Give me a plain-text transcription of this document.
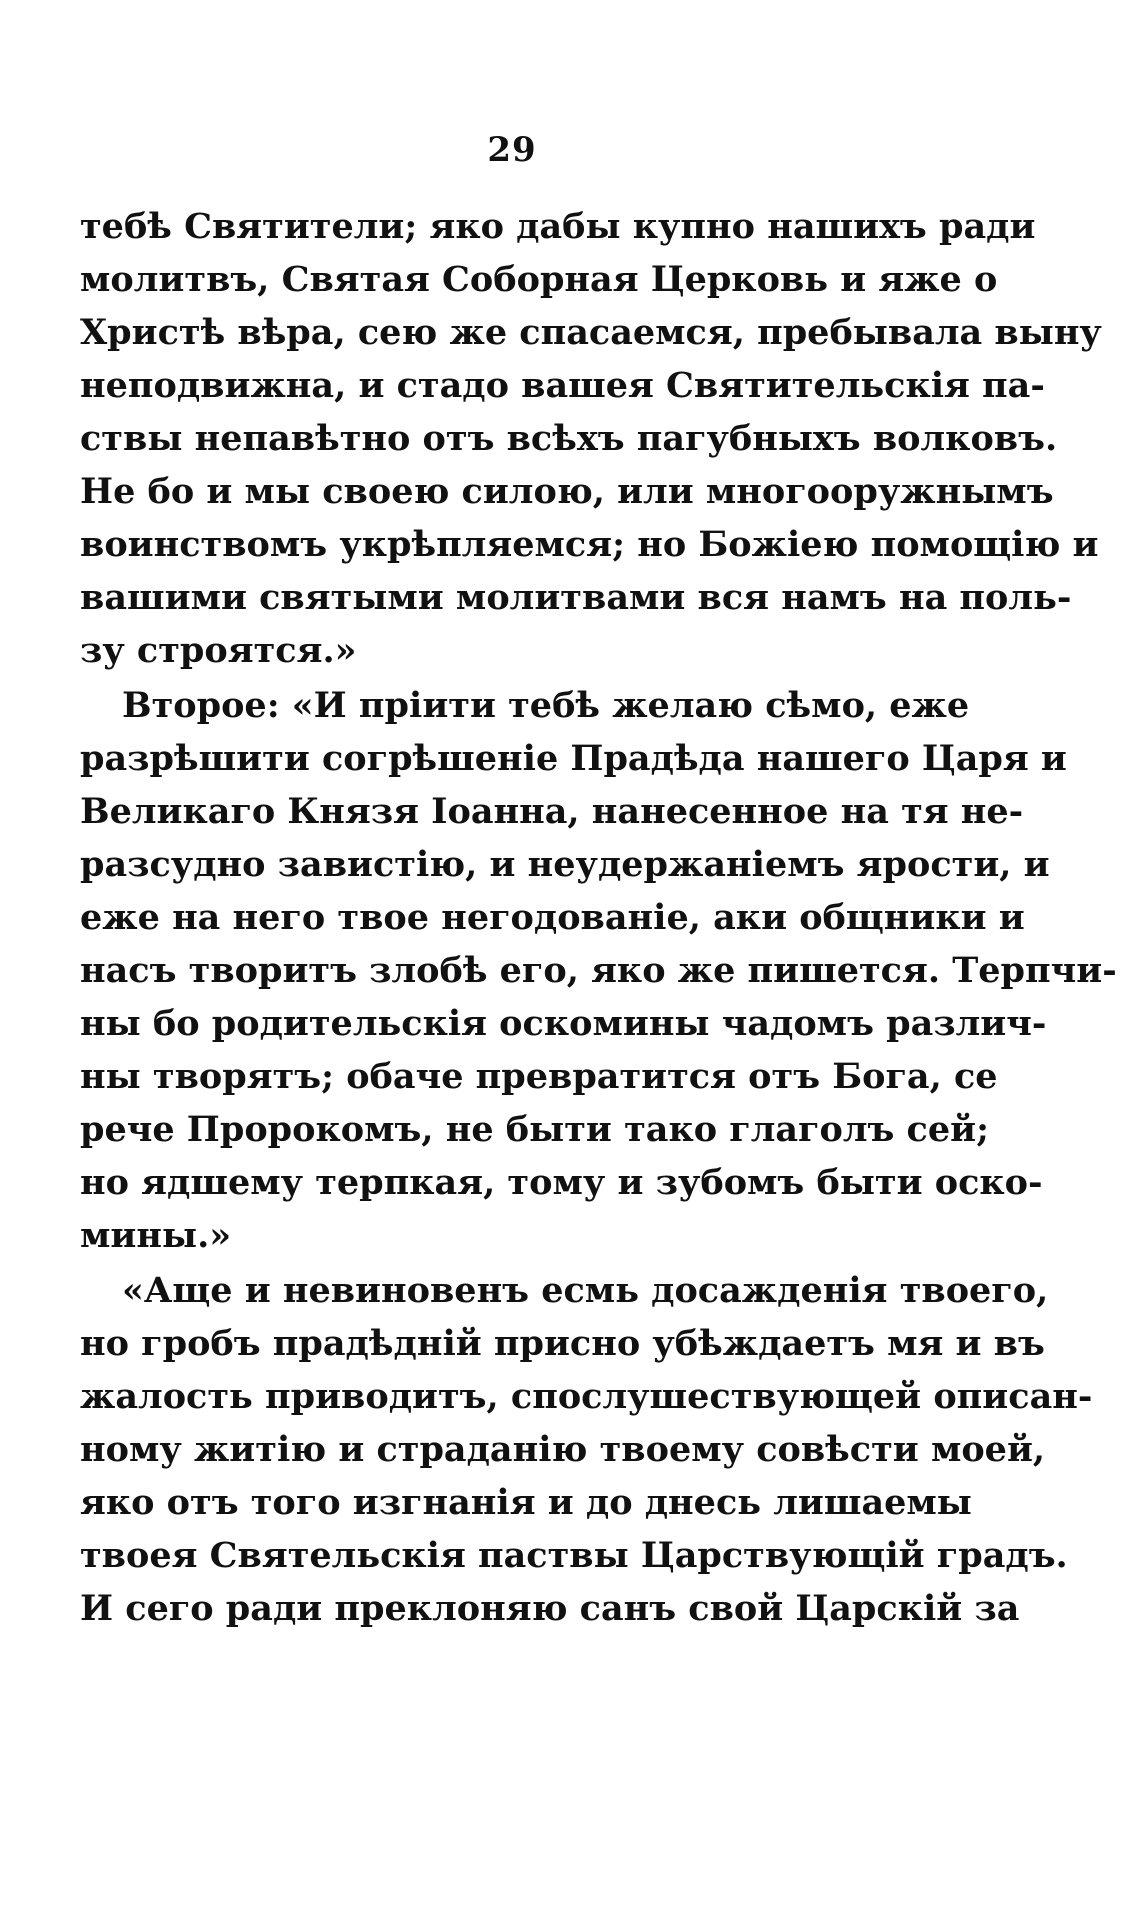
29
тебѣ Святители; яко дабы купно нашихъ ради
молитвъ, Святая Соборная Церковь и яже о
Христѣ вѣра, сею же спасаемся, пребывала выну
неподвижна, и стадо вашея Святительскія па-
ствы непавѣтно отъ всѣхъ пагубныхъ волковъ.
Не бо и мы своею силою, или многооружнымъ
воинствомъ укрѣпляемся; но Божіею помощію и
вашими святыми молитвами вся намъ на поль-
зу строятся.»
Второе: «И пріити тебѣ желаю сѣмо, еже
разрѣшити согрѣшеніе Прадѣда нашего Царя и
Великаго Князя Іоанна, нанесенное на тя не-
разсудно завистію, и неудержаніемъ ярости, и
еже на него твое негодованіе, аки общники и
насъ творитъ злобѣ его, яко же пишется. Терпчи-
ны бо родительскія оскомины чадомъ различ-
ны творятъ; обаче превратится отъ Бога, се
рече Пророкомъ, не быти тако глаголъ сей;
но ядшему терпкая, тому и зубомъ быти оско-
мины.»
«Аще и невиновенъ есмь досажденія твоего,
но гробъ прадѣдній присно убѣждаетъ мя и въ
жалость приводитъ, спослушествующей описан-
ному житію и страданію твоему совѣсти моей,
яко отъ того изгнанія и до днесь лишаемы
твоея Святельскія паствы Царствующій градъ.
И сего ради преклоняю санъ свой Царскій за
